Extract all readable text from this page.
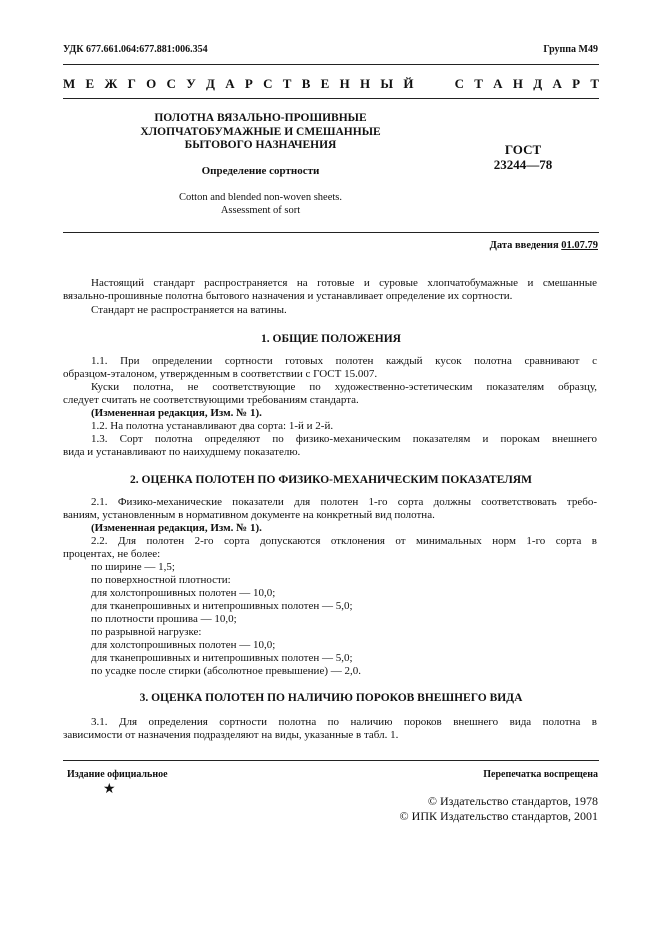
УДК 677.661.064:677.881:006.354	Группа М49
М Е Ж Г О С У Д А Р С Т В Е Н Н Ы Й	С Т А Н Д А Р Т
ПОЛОТНА ВЯЗАЛЬНО-ПРОШИВНЫЕ
ХЛОПЧАТОБУМАЖНЫЕ И СМЕШАННЫЕ
БЫТОВОГО НАЗНАЧЕНИЯ
Определение сортности
Cotton and blended non-woven sheets.
Assessment of sort
ГОСТ
23244—78
Дата введения 01.07.79
Настоящий стандарт распространяется на готовые и суровые хлопчатобумажные и смешанные
вязально-прошивные полотна бытового назначения и устанавливает определение их сортности.
Стандарт не распространяется на ватины.
1. ОБЩИЕ ПОЛОЖЕНИЯ
1.1. При определении сортности готовых полотен каждый кусок полотна сравнивают с
образцом-эталоном, утвержденным в соответствии с ГОСТ 15.007.
Куски полотна, не соответствующие по художественно-эстетическим показателям образцу,
следует считать не соответствующими требованиям стандарта.
(Измененная редакция, Изм. № 1).
1.2. На полотна устанавливают два сорта: 1-й и 2-й.
1.3. Сорт полотна определяют по физико-механическим показателям и порокам внешнего
вида и устанавливают по наихудшему показателю.
2. ОЦЕНКА ПОЛОТЕН ПО ФИЗИКО-МЕХАНИЧЕСКИМ ПОКАЗАТЕЛЯМ
2.1. Физико-механические показатели для полотен 1-го сорта должны соответствовать требо-
ваниям, установленным в нормативном документе на конкретный вид полотна.
(Измененная редакция, Изм. № 1).
2.2. Для полотен 2-го сорта допускаются отклонения от минимальных норм 1-го сорта в
процентах, не более:
по ширине — 1,5;
по поверхностной плотности:
для холстопрошивных полотен — 10,0;
для тканепрошивных и нитепрошивных полотен — 5,0;
по плотности прошива — 10,0;
по разрывной нагрузке:
для холстопрошивных полотен — 10,0;
для тканепрошивных и нитепрошивных полотен — 5,0;
по усадке после стирки (абсолютное превышение) — 2,0.
3. ОЦЕНКА ПОЛОТЕН ПО НАЛИЧИЮ ПОРОКОВ ВНЕШНЕГО ВИДА
3.1. Для определения сортности полотна по наличию пороков внешнего вида полотна в
зависимости от назначения подразделяют на виды, указанные в табл. 1.
Издание официальное
★
Перепечатка воспрещена
© Издательство стандартов, 1978
© ИПК Издательство стандартов, 2001
